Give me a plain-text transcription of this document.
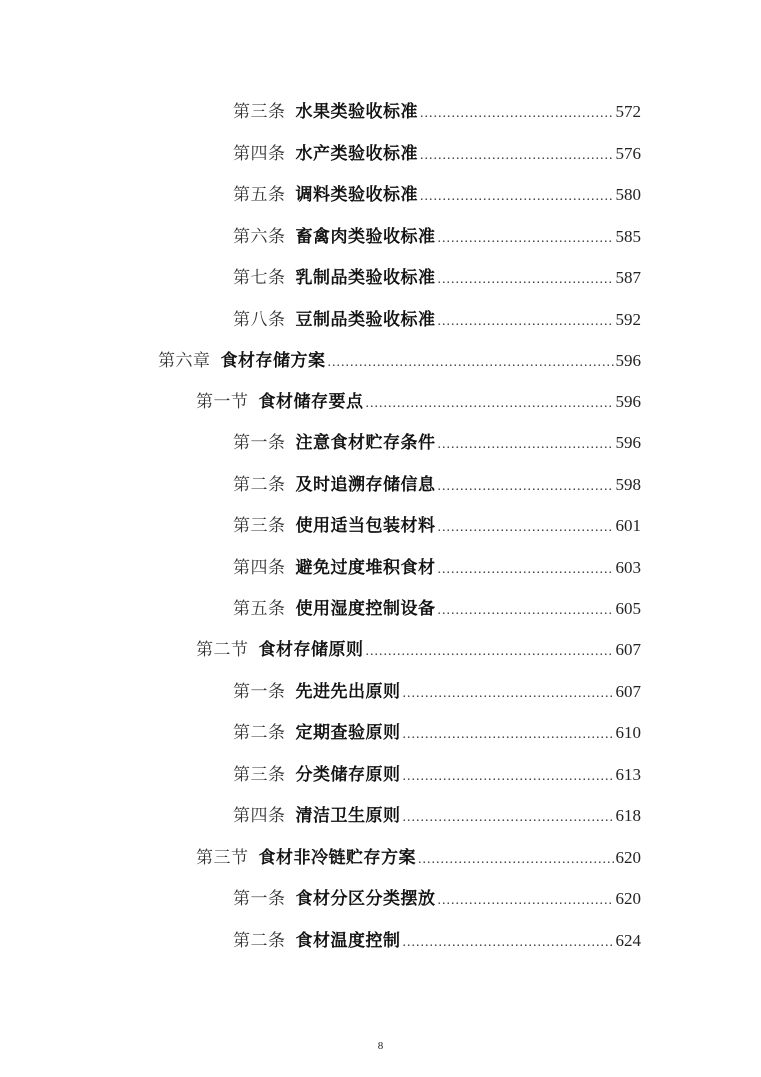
第三条 水果类验收标准 .....	572
第四条 水产类验收标准 .....	576
第五条 调料类验收标准 .....	580
第六条 畜禽肉类验收标准 .....	585
第七条 乳制品类验收标准 .....	587
第八条 豆制品类验收标准 .....	592
第六章 食材存储方案 .....	596
第一节 食材储存要点 .....	596
第一条 注意食材贮存条件 .....	596
第二条 及时追溯存储信息 .....	598
第三条 使用适当包装材料 .....	601
第四条 避免过度堆积食材 .....	603
第五条 使用湿度控制设备 .....	605
第二节 食材存储原则 .....	607
第一条 先进先出原则 .....	607
第二条 定期查验原则 .....	610
第三条 分类储存原则 .....	613
第四条 清洁卫生原则 .....	618
第三节 食材非冷链贮存方案 .....	620
第一条 食材分区分类摆放 .....	620
第二条 食材温度控制 .....	624
8
